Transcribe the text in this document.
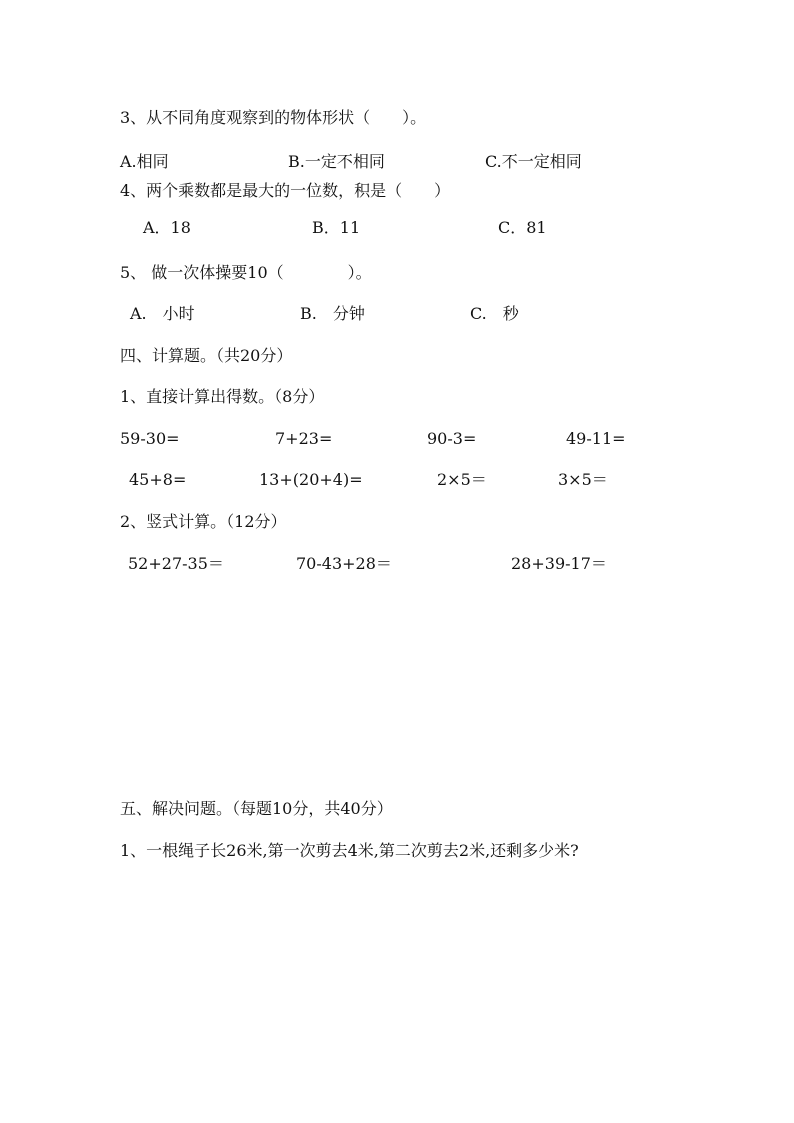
3、从不同角度观察到的物体形状（　　）。
A.相同	B.一定不相同	C.不一定相同
4、两个乘数都是最大的一位数，积是（　　）
A．18	B．11	C．81
5、 做一次体操要10（　　　　）。
A.　小时	B.　分钟	C.　秒
四、计算题。（共20分）
1、直接计算出得数。（8分）
59-30=	7+23=	90-3=	49-11=
45+8=	13+(20+4)=	2×5＝	3×5＝
2、竖式计算。（12分）
52+27-35＝	70-43+28＝	28+39-17＝
五、解决问题。（每题10分，共40分）
1、一根绳子长26米,第一次剪去4米,第二次剪去2米,还剩多少米?
